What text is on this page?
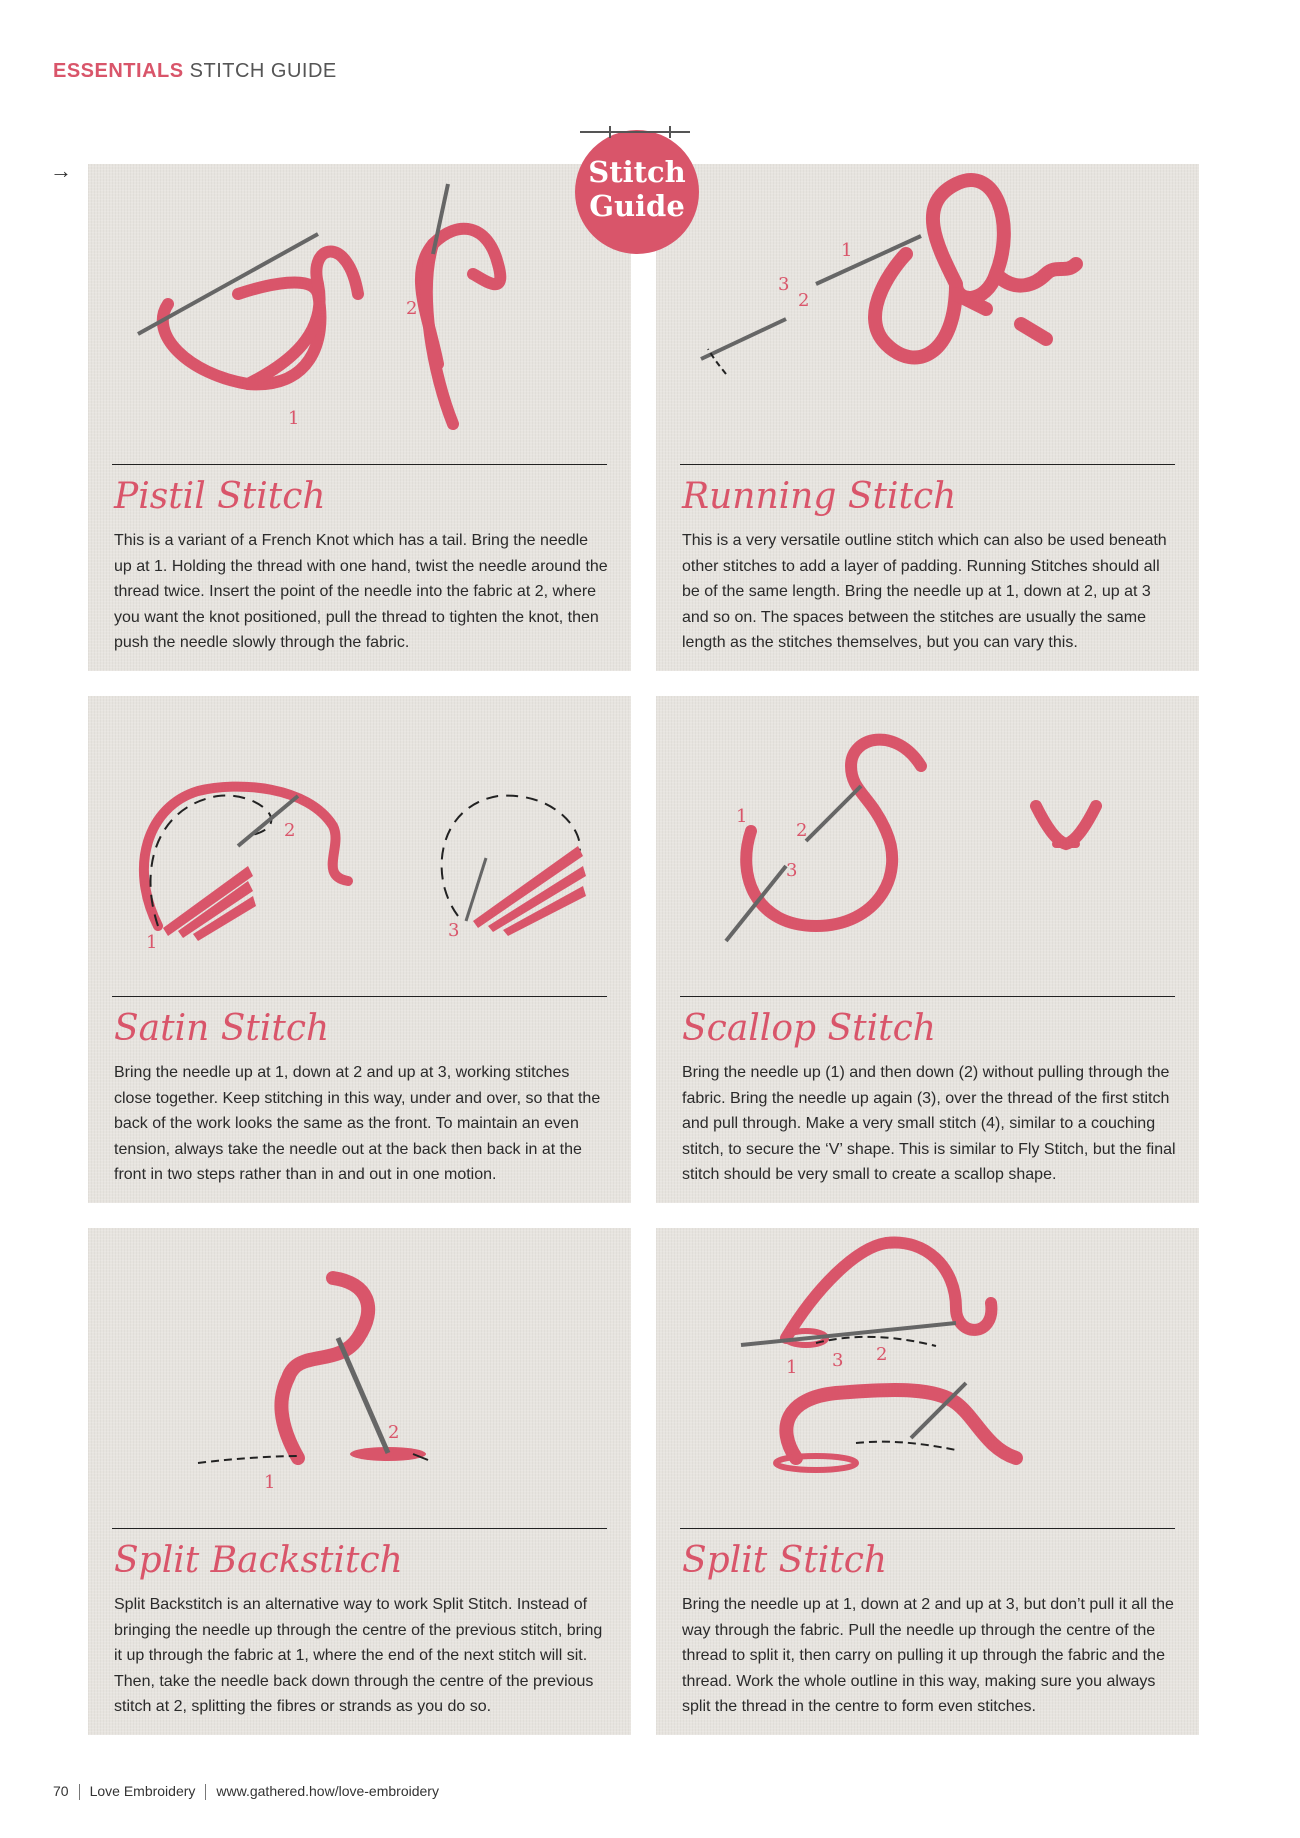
ESSENTIALS STITCH GUIDE
→	Stitch
Guide
1
2
Pistil Stitch
This is a variant of a French Knot which has a tail. Bring the needle up at 1. Holding the thread with one hand, twist the needle around the thread twice. Insert the point of the needle into the fabric at 2, where you want the knot positioned, pull the thread to tighten the knot, then push the needle slowly through the fabric.
1
2
3
Running Stitch
This is a very versatile outline stitch which can also be used beneath other stitches to add a layer of padding. Running Stitches should all be of the same length. Bring the needle up at 1, down at 2, up at 3 and so on. The spaces between the stitches are usually the same length as the stitches themselves, but you can vary this.
1
2
3
Satin Stitch
Bring the needle up at 1, down at 2 and up at 3, working stitches close together. Keep stitching in this way, under and over, so that the back of the work looks the same as the front. To maintain an even tension, always take the needle out at the back then back in at the front in two steps rather than in and out in one motion.
1
2
3
Scallop Stitch
Bring the needle up (1) and then down (2) without pulling through the fabric. Bring the needle up again (3), over the thread of the first stitch and pull through. Make a very small stitch (4), similar to a couching stitch, to secure the ‘V’ shape. This is similar to Fly Stitch, but the final stitch should be very small to create a scallop shape.
1
2
Split Backstitch
Split Backstitch is an alternative way to work Split Stitch. Instead of bringing the needle up through the centre of the previous stitch, bring it up through the fabric at 1, where the end of the next stitch will sit. Then, take the needle back down through the centre of the previous stitch at 2, splitting the fibres or strands as you do so.
1 3 2
Split Stitch
Bring the needle up at 1, down at 2 and up at 3, but don’t pull it all the way through the fabric. Pull the needle up through the centre of the thread to split it, then carry on pulling it up through the fabric and the thread. Work the whole outline in this way, making sure you always split the thread in the centre to form even stitches.
70 Love Embroidery www.gathered.how/love-embroidery
